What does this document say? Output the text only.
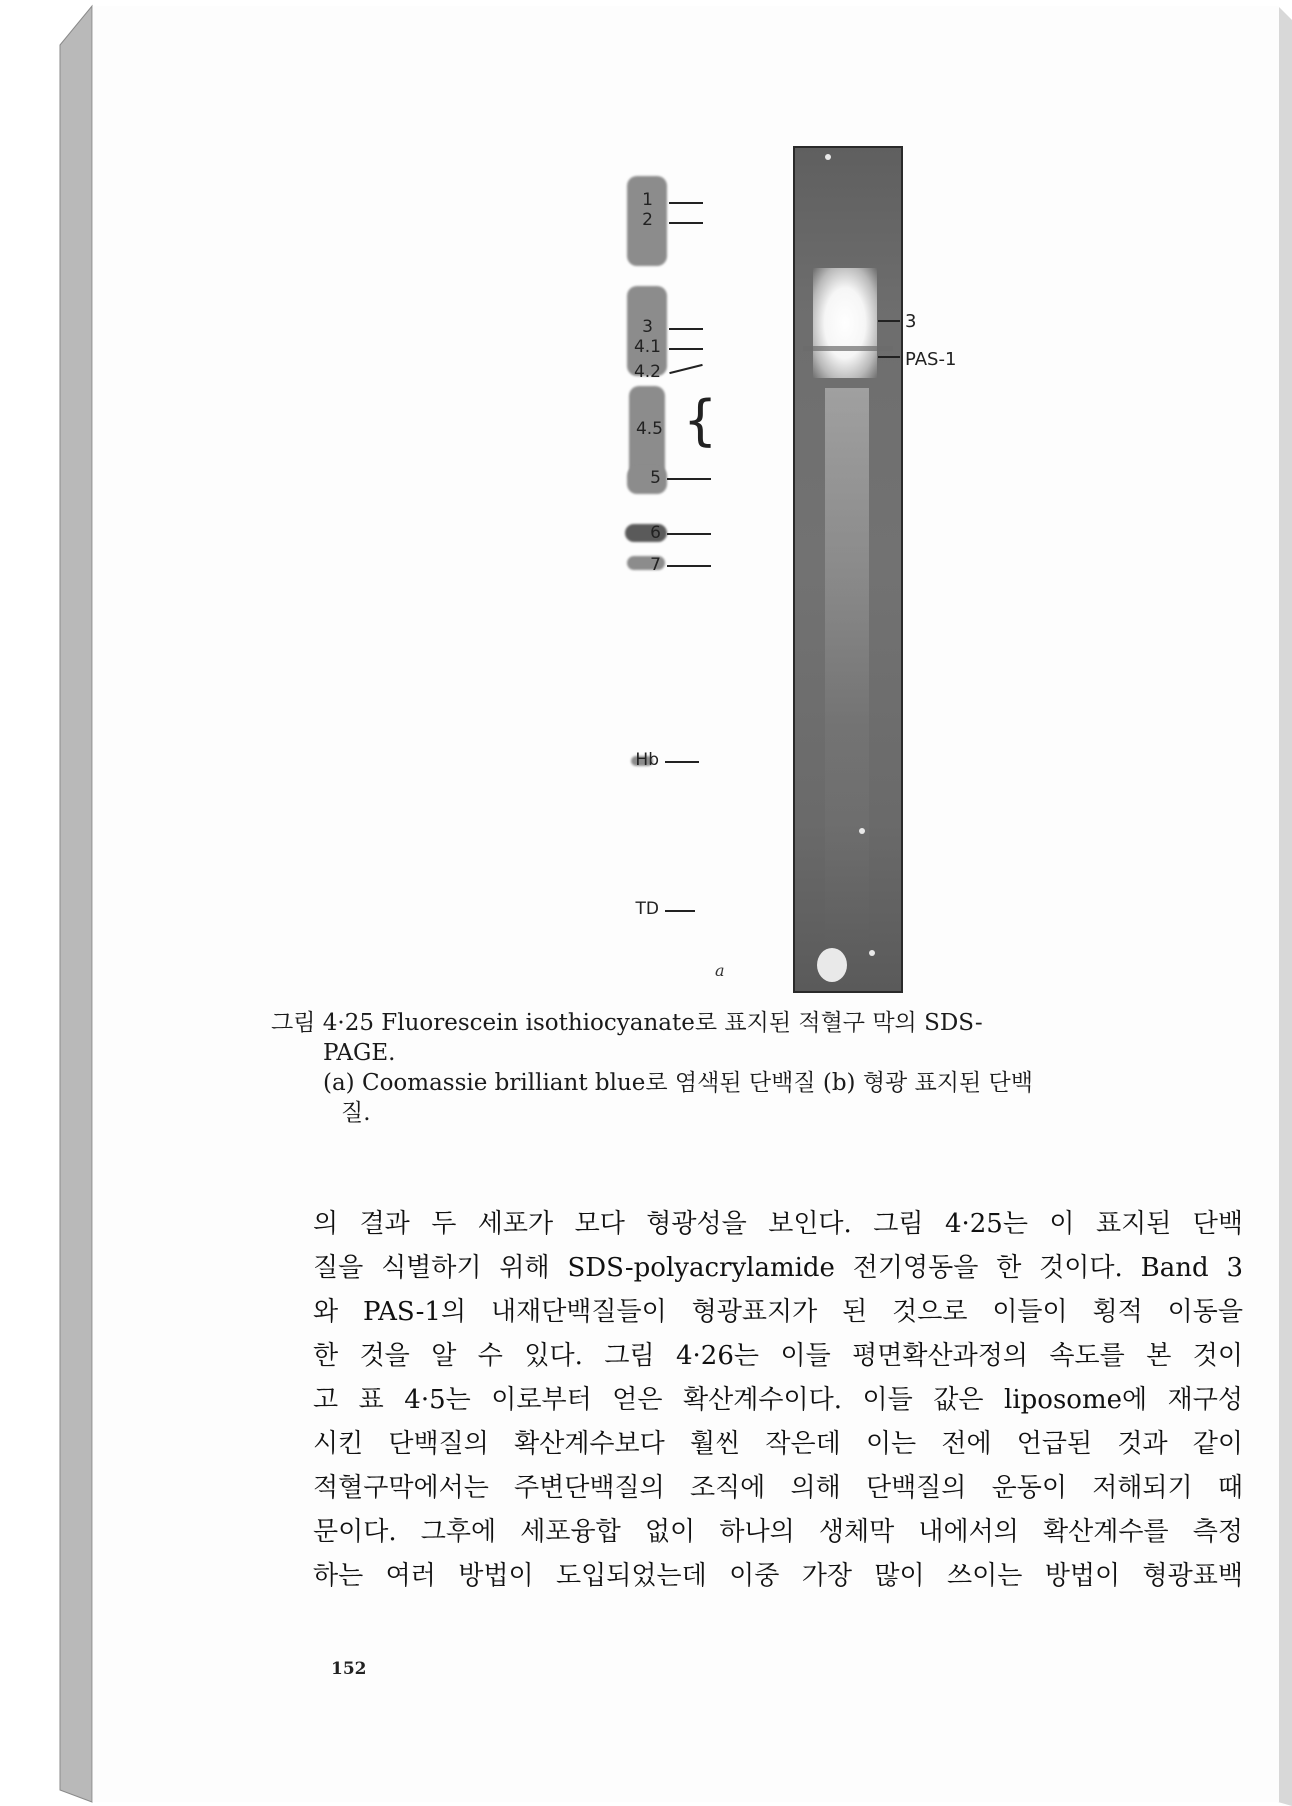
1
2
3
4.1
4.2
4.5 {
5
6
7
Hb
TD
a
3
PAS-1
그림 4·25 Fluorescein isothiocyanate로 표지된 적혈구 막의 SDS-
PAGE.
(a) Coomassie brilliant blue로 염색된 단백질 (b) 형광 표지된 단백
질.
의 결과 두 세포가 모다 형광성을 보인다. 그림 4·25는 이 표지된 단백
질을 식별하기 위해 SDS-polyacrylamide 전기영동을 한 것이다. Band 3
와 PAS-1의 내재단백질들이 형광표지가 된 것으로 이들이 횡적 이동을
한 것을 알 수 있다. 그림 4·26는 이들 평면확산과정의 속도를 본 것이
고 표 4·5는 이로부터 얻은 확산계수이다. 이들 값은 liposome에 재구성
시킨 단백질의 확산계수보다 훨씬 작은데 이는 전에 언급된 것과 같이
적혈구막에서는 주변단백질의 조직에 의해 단백질의 운동이 저해되기 때
문이다. 그후에 세포융합 없이 하나의 생체막 내에서의 확산계수를 측정
하는 여러 방법이 도입되었는데 이중 가장 많이 쓰이는 방법이 형광표백
152
